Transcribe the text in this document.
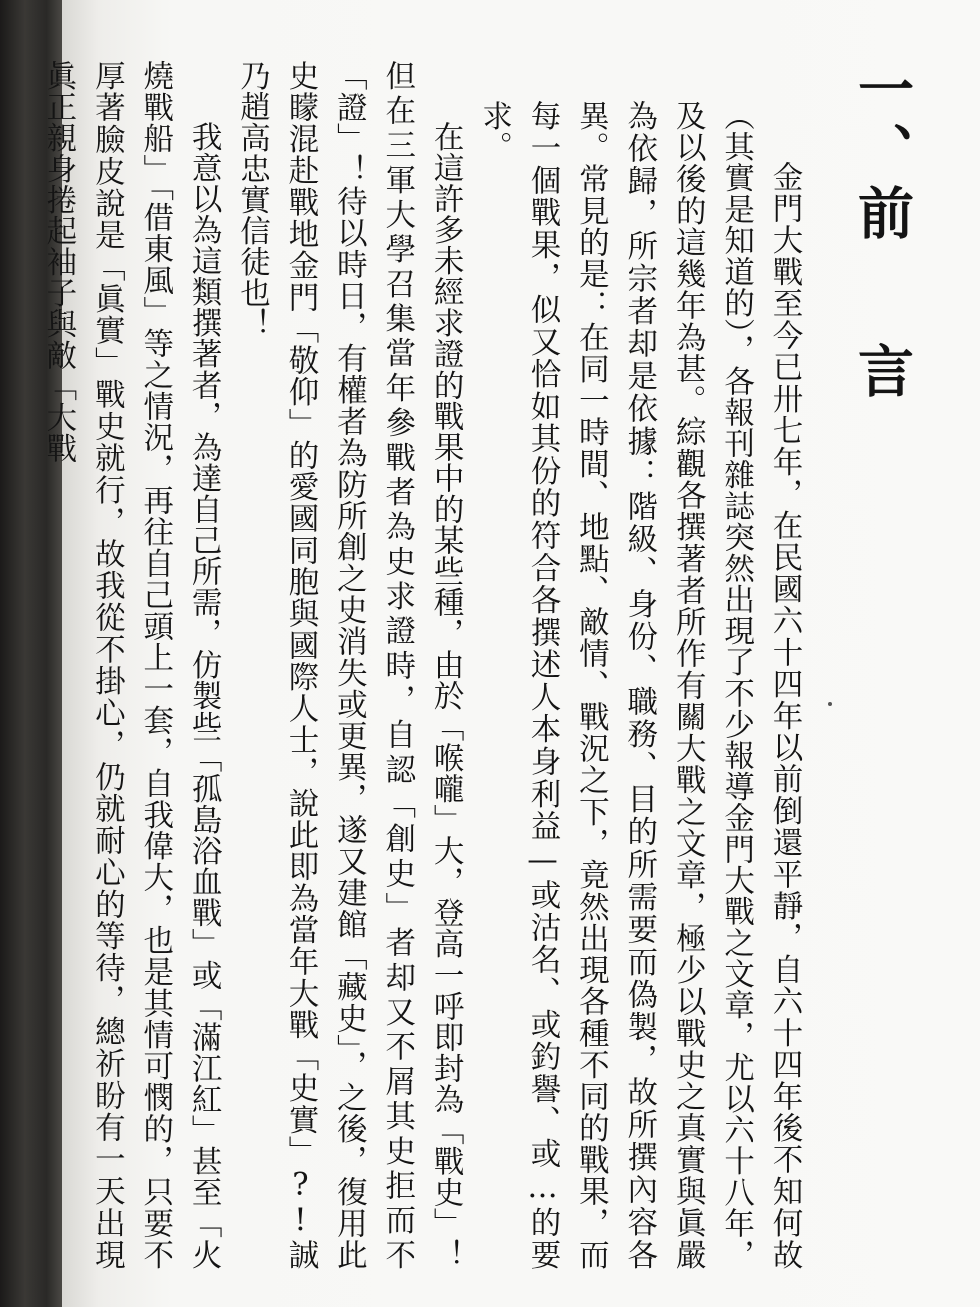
一、前言

金門大戰至今已卅七年，在民國六十四年以前倒還平靜，自六十四年後不知何故（其實是知道的），各報刊雜誌突然出現了不少報導金門大戰之文章，尤以六十八年，及以後的這幾年為甚。綜觀各撰著者所作有關大戰之文章，極少以戰史之真實與眞嚴為依歸，所宗者却是依據：階級、身份、職務、目的所需要而偽製，故所撰內容各異。常見的是：在同一時間、地點、敵情、戰況之下，竟然出現各種不同的戰果，而每一個戰果，似又恰如其份的符合各撰述人本身利益—或沽名、或釣譽、或…的要求。

在這許多未經求證的戰果中的某些種，由於「喉嚨」大，登高一呼即封為「戰史」！但在三軍大學召集當年參戰者為史求證時，自認「創史」者却又不屑其史拒而不「證」！待以時日，有權者為防所創之史消失或更異，遂又建館「藏史」，之後，復用此史矇混赴戰地金門「敬仰」的愛國同胞與國際人士，說此即為當年大戰「史實」?!誠乃趙高忠實信徒也！

我意以為這類撰著者，為達自己所需，仿製些「孤島浴血戰」或「滿江紅」甚至「火燒戰船」「借東風」等之情況，再往自己頭上一套，自我偉大，也是其情可憫的，只要不厚著臉皮說是「眞實」戰史就行，故我從不掛心，仍就耐心的等待，總祈盼有一天出現眞正親身捲起袖子與敵「大戰
